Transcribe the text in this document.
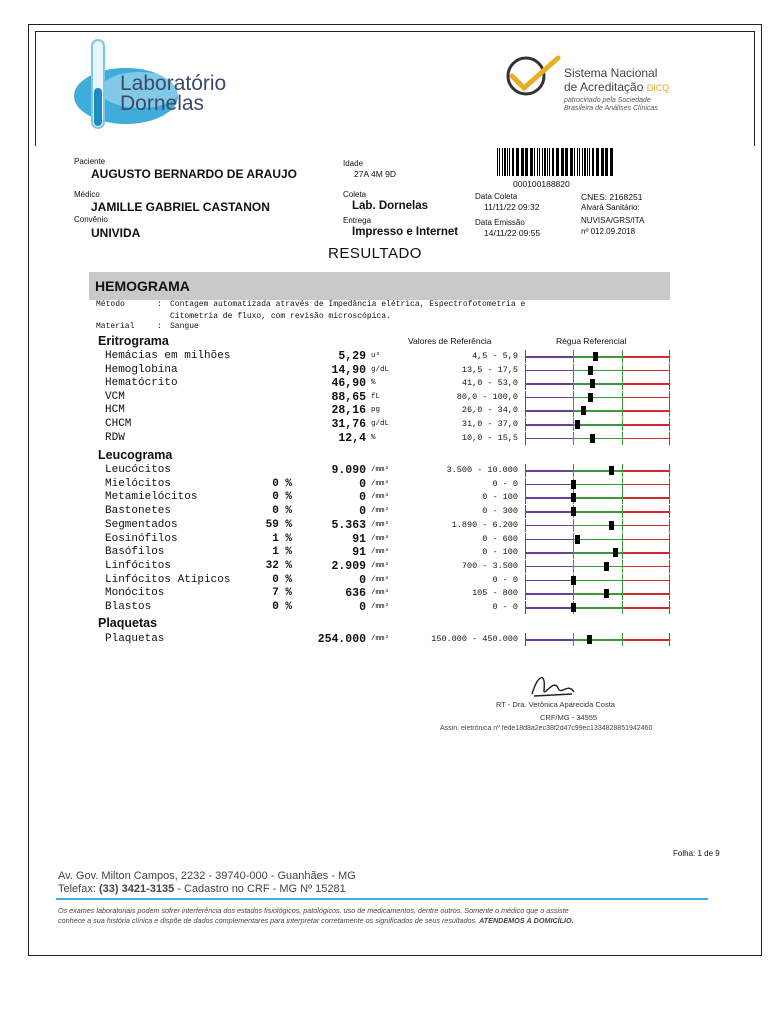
Laboratório
Dornelas
Sistema Nacional
de Acreditação DICQ
patrocinado pela Sociedade
Brasileira de Análises Clínicas
Paciente
AUGUSTO BERNARDO DE ARAUJO
Idade
27A 4M 9D
000100188820
Médico
JAMILLE GABRIEL CASTANON
Coleta
Lab. Dornelas
Data Coleta
11/11/22 09:32
CNES: 2168251
Alvará Sanitário:
Convênio
UNIVIDA
Entrega
Impresso e Internet
Data Emissão
14/11/22 09:55
NUVISA/GRS/ITA
nº 012.09.2018
RESULTADO
HEMOGRAMA
Método	: Contagem automatizada através de Impedância elétrica, Espectrofotometria e
Citometria de fluxo, com revisão microscópica.
Material	: Sangue
Eritrograma	Valores de Referência	Régua Referencial
Hemácias em milhões	5,29 u³	4,5 - 5,9
Hemoglobina	14,90 g/dL	13,5 - 17,5
Hematócrito	46,90 %	41,0 - 53,0
VCM	88,65 fL	80,0 - 100,0
HCM	28,16 pg	26,0 - 34,0
CHCM	31,76 g/dL	31,0 - 37,0
RDW	12,4 %	10,0 - 15,5
Leucograma
Leucócitos	9.090 /mm³	3.500 - 10.000
Mielócitos	0 %	0 /mm³	0 - 0
Metamielócitos	0 %	0 /mm³	0 - 100
Bastonetes	0 %	0 /mm³	0 - 300
Segmentados	59 %	5.363 /mm³	1.890 - 6.200
Eosinófilos	1 %	91 /mm³	0 - 600
Basófilos	1 %	91 /mm³	0 - 100
Linfócitos	32 %	2.909 /mm³	700 - 3.500
Linfócitos Atípicos	0 %	0 /mm³	0 - 0
Monócitos	7 %	636 /mm³	105 - 800
Blastos	0 %	0 /mm³	0 - 0
Plaquetas
Plaquetas	254.000 /mm³	150.000 - 450.000
RT - Dra. Verônica Aparecida Costa
CRF/MG - 34555
Assin. eletrônica nº fede18d8a2ec38f2d47c99ec1334828851942460
Folha: 1 de 9
Av. Gov. Milton Campos, 2232 - 39740-000 - Guanhães - MG
Telefax: (33) 3421-3135 - Cadastro no CRF - MG Nº 15281
Os exames laboratoriais podem sofrer interferência dos estados fisiológicos, patológicos, uso de medicamentos, dentre outros. Somente o médico que o assiste
conhece a sua história clínica e dispõe de dados complementares para interpretar corretamente os significados de seus resultados. ATENDEMOS À DOMICÍLIO.
